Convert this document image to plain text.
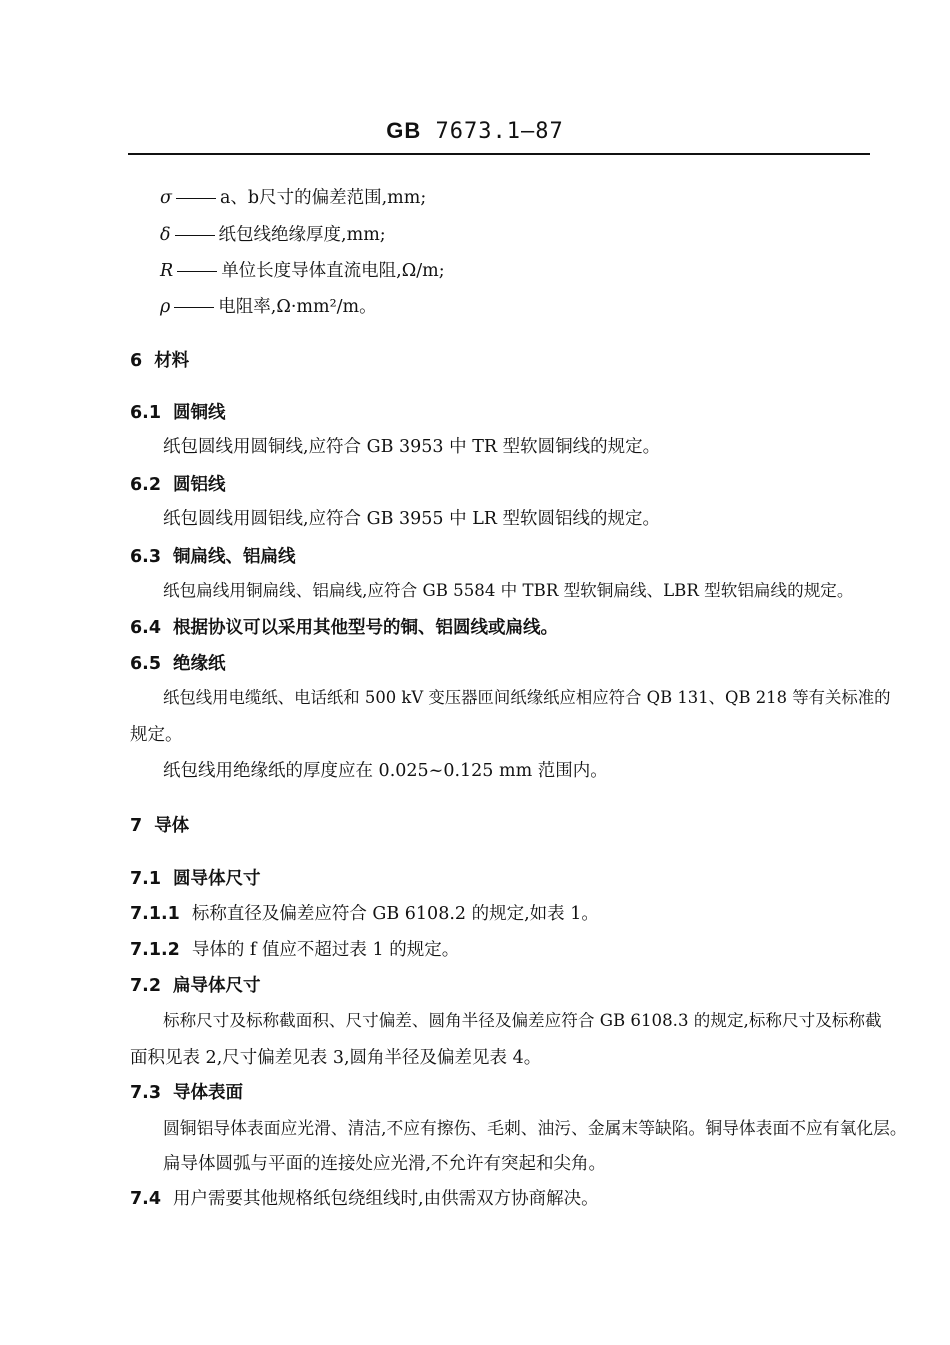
GB 7673.1—87
σ	a、b尺寸的偏差范围,mm;
δ	纸包线绝缘厚度,mm;
R	单位长度导体直流电阻,Ω/m;
ρ	电阻率,Ω·mm²/m。
6 材料
6.1 圆铜线
纸包圆线用圆铜线,应符合 GB 3953 中 TR 型软圆铜线的规定。
6.2 圆铝线
纸包圆线用圆铝线,应符合 GB 3955 中 LR 型软圆铝线的规定。
6.3 铜扁线、铝扁线
纸包扁线用铜扁线、铝扁线,应符合 GB 5584 中 TBR 型软铜扁线、LBR 型软铝扁线的规定。
6.4 根据协议可以采用其他型号的铜、铝圆线或扁线。
6.5 绝缘纸
纸包线用电缆纸、电话纸和 500 kV 变压器匝间纸缘纸应相应符合 QB 131、QB 218 等有关标准的
规定。
纸包线用绝缘纸的厚度应在 0.025~0.125 mm 范围内。
7 导体
7.1 圆导体尺寸
7.1.1 标称直径及偏差应符合 GB 6108.2 的规定,如表 1。
7.1.2 导体的 f 值应不超过表 1 的规定。
7.2 扁导体尺寸
标称尺寸及标称截面积、尺寸偏差、圆角半径及偏差应符合 GB 6108.3 的规定,标称尺寸及标称截
面积见表 2,尺寸偏差见表 3,圆角半径及偏差见表 4。
7.3 导体表面
圆铜铝导体表面应光滑、清洁,不应有擦伤、毛刺、油污、金属末等缺陷。铜导体表面不应有氧化层。
扁导体圆弧与平面的连接处应光滑,不允许有突起和尖角。
7.4 用户需要其他规格纸包绕组线时,由供需双方协商解决。
